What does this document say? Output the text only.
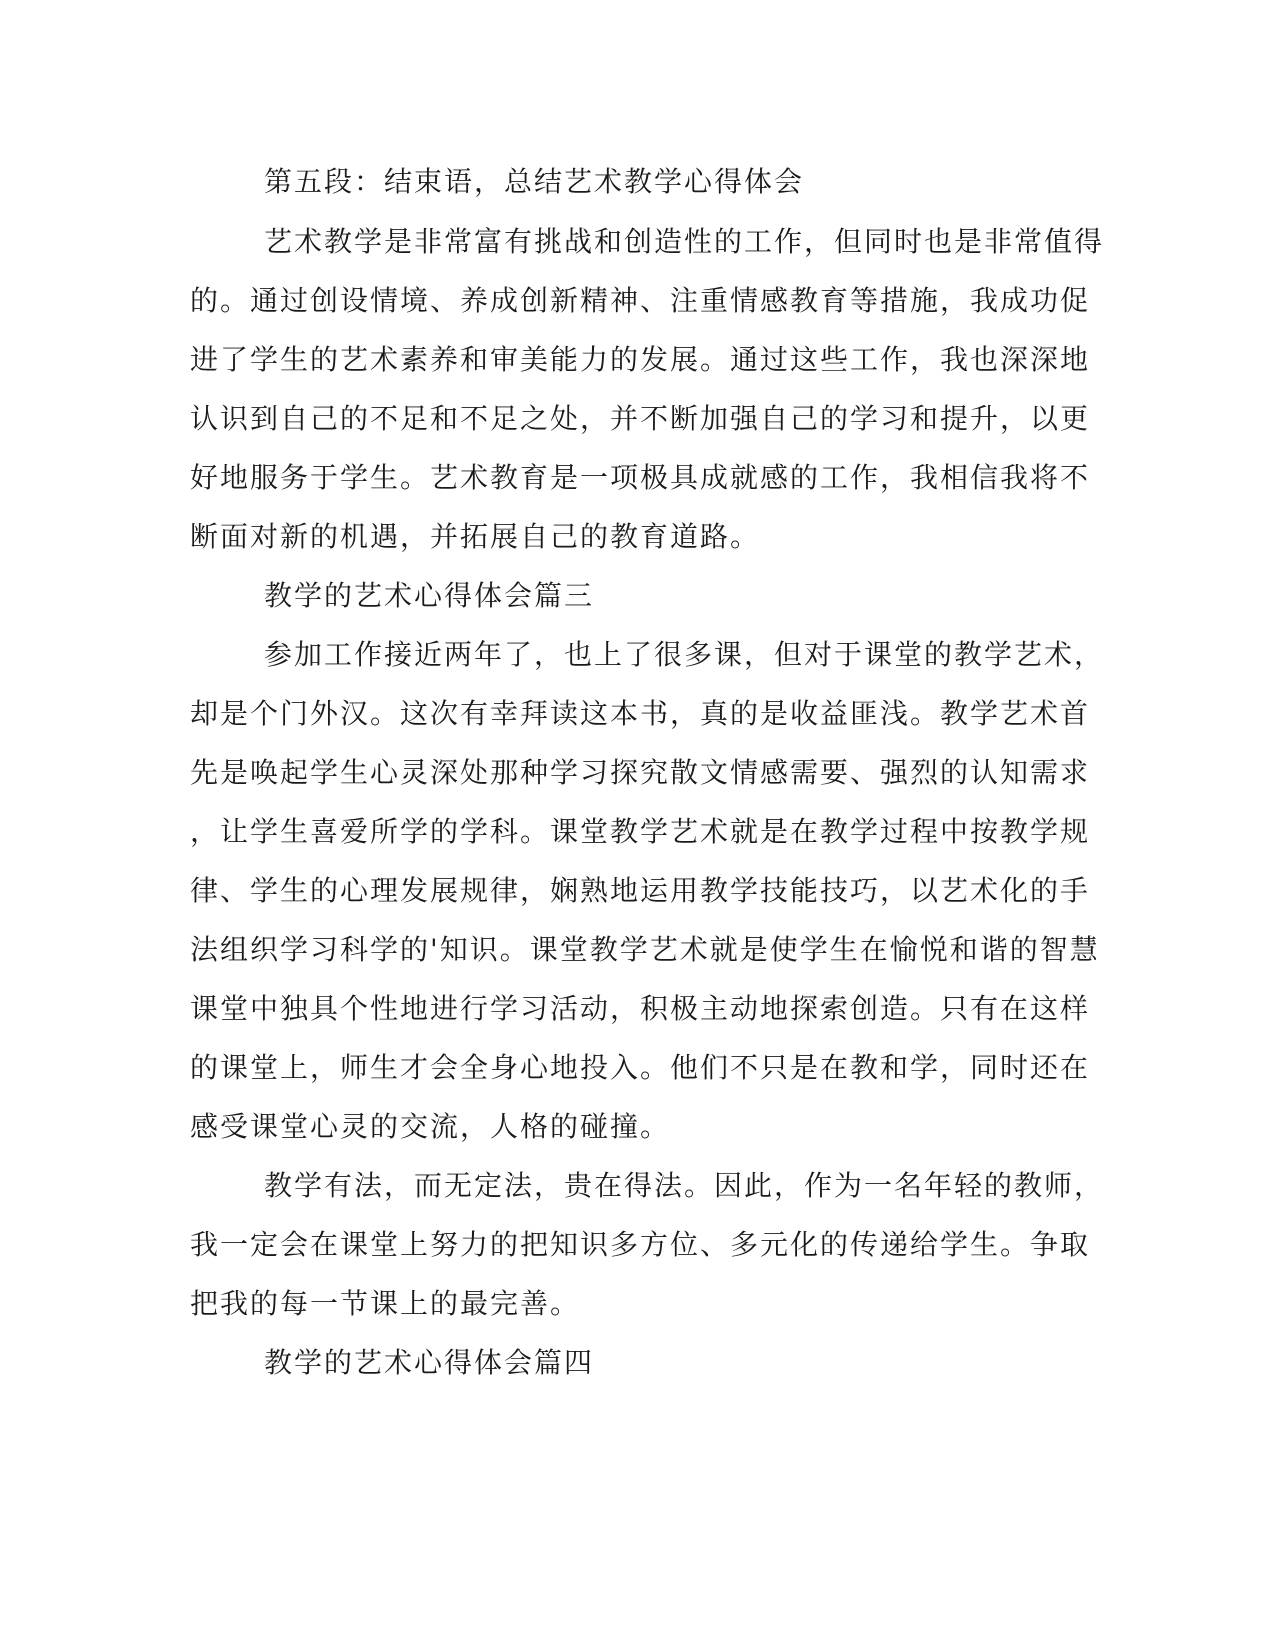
第五段：结束语，总结艺术教学心得体会
艺术教学是非常富有挑战和创造性的工作，但同时也是非常值得
的。通过创设情境、养成创新精神、注重情感教育等措施，我成功促
进了学生的艺术素养和审美能力的发展。通过这些工作，我也深深地
认识到自己的不足和不足之处，并不断加强自己的学习和提升，以更
好地服务于学生。艺术教育是一项极具成就感的工作，我相信我将不
断面对新的机遇，并拓展自己的教育道路。
教学的艺术心得体会篇三
参加工作接近两年了，也上了很多课，但对于课堂的教学艺术，
却是个门外汉。这次有幸拜读这本书，真的是收益匪浅。教学艺术首
先是唤起学生心灵深处那种学习探究散文情感需要、强烈的认知需求
，让学生喜爱所学的学科。课堂教学艺术就是在教学过程中按教学规
律、学生的心理发展规律，娴熟地运用教学技能技巧，以艺术化的手
法组织学习科学的'知识。课堂教学艺术就是使学生在愉悦和谐的智慧
课堂中独具个性地进行学习活动，积极主动地探索创造。只有在这样
的课堂上，师生才会全身心地投入。他们不只是在教和学，同时还在
感受课堂心灵的交流，人格的碰撞。
教学有法，而无定法，贵在得法。因此，作为一名年轻的教师，
我一定会在课堂上努力的把知识多方位、多元化的传递给学生。争取
把我的每一节课上的最完善。
教学的艺术心得体会篇四
